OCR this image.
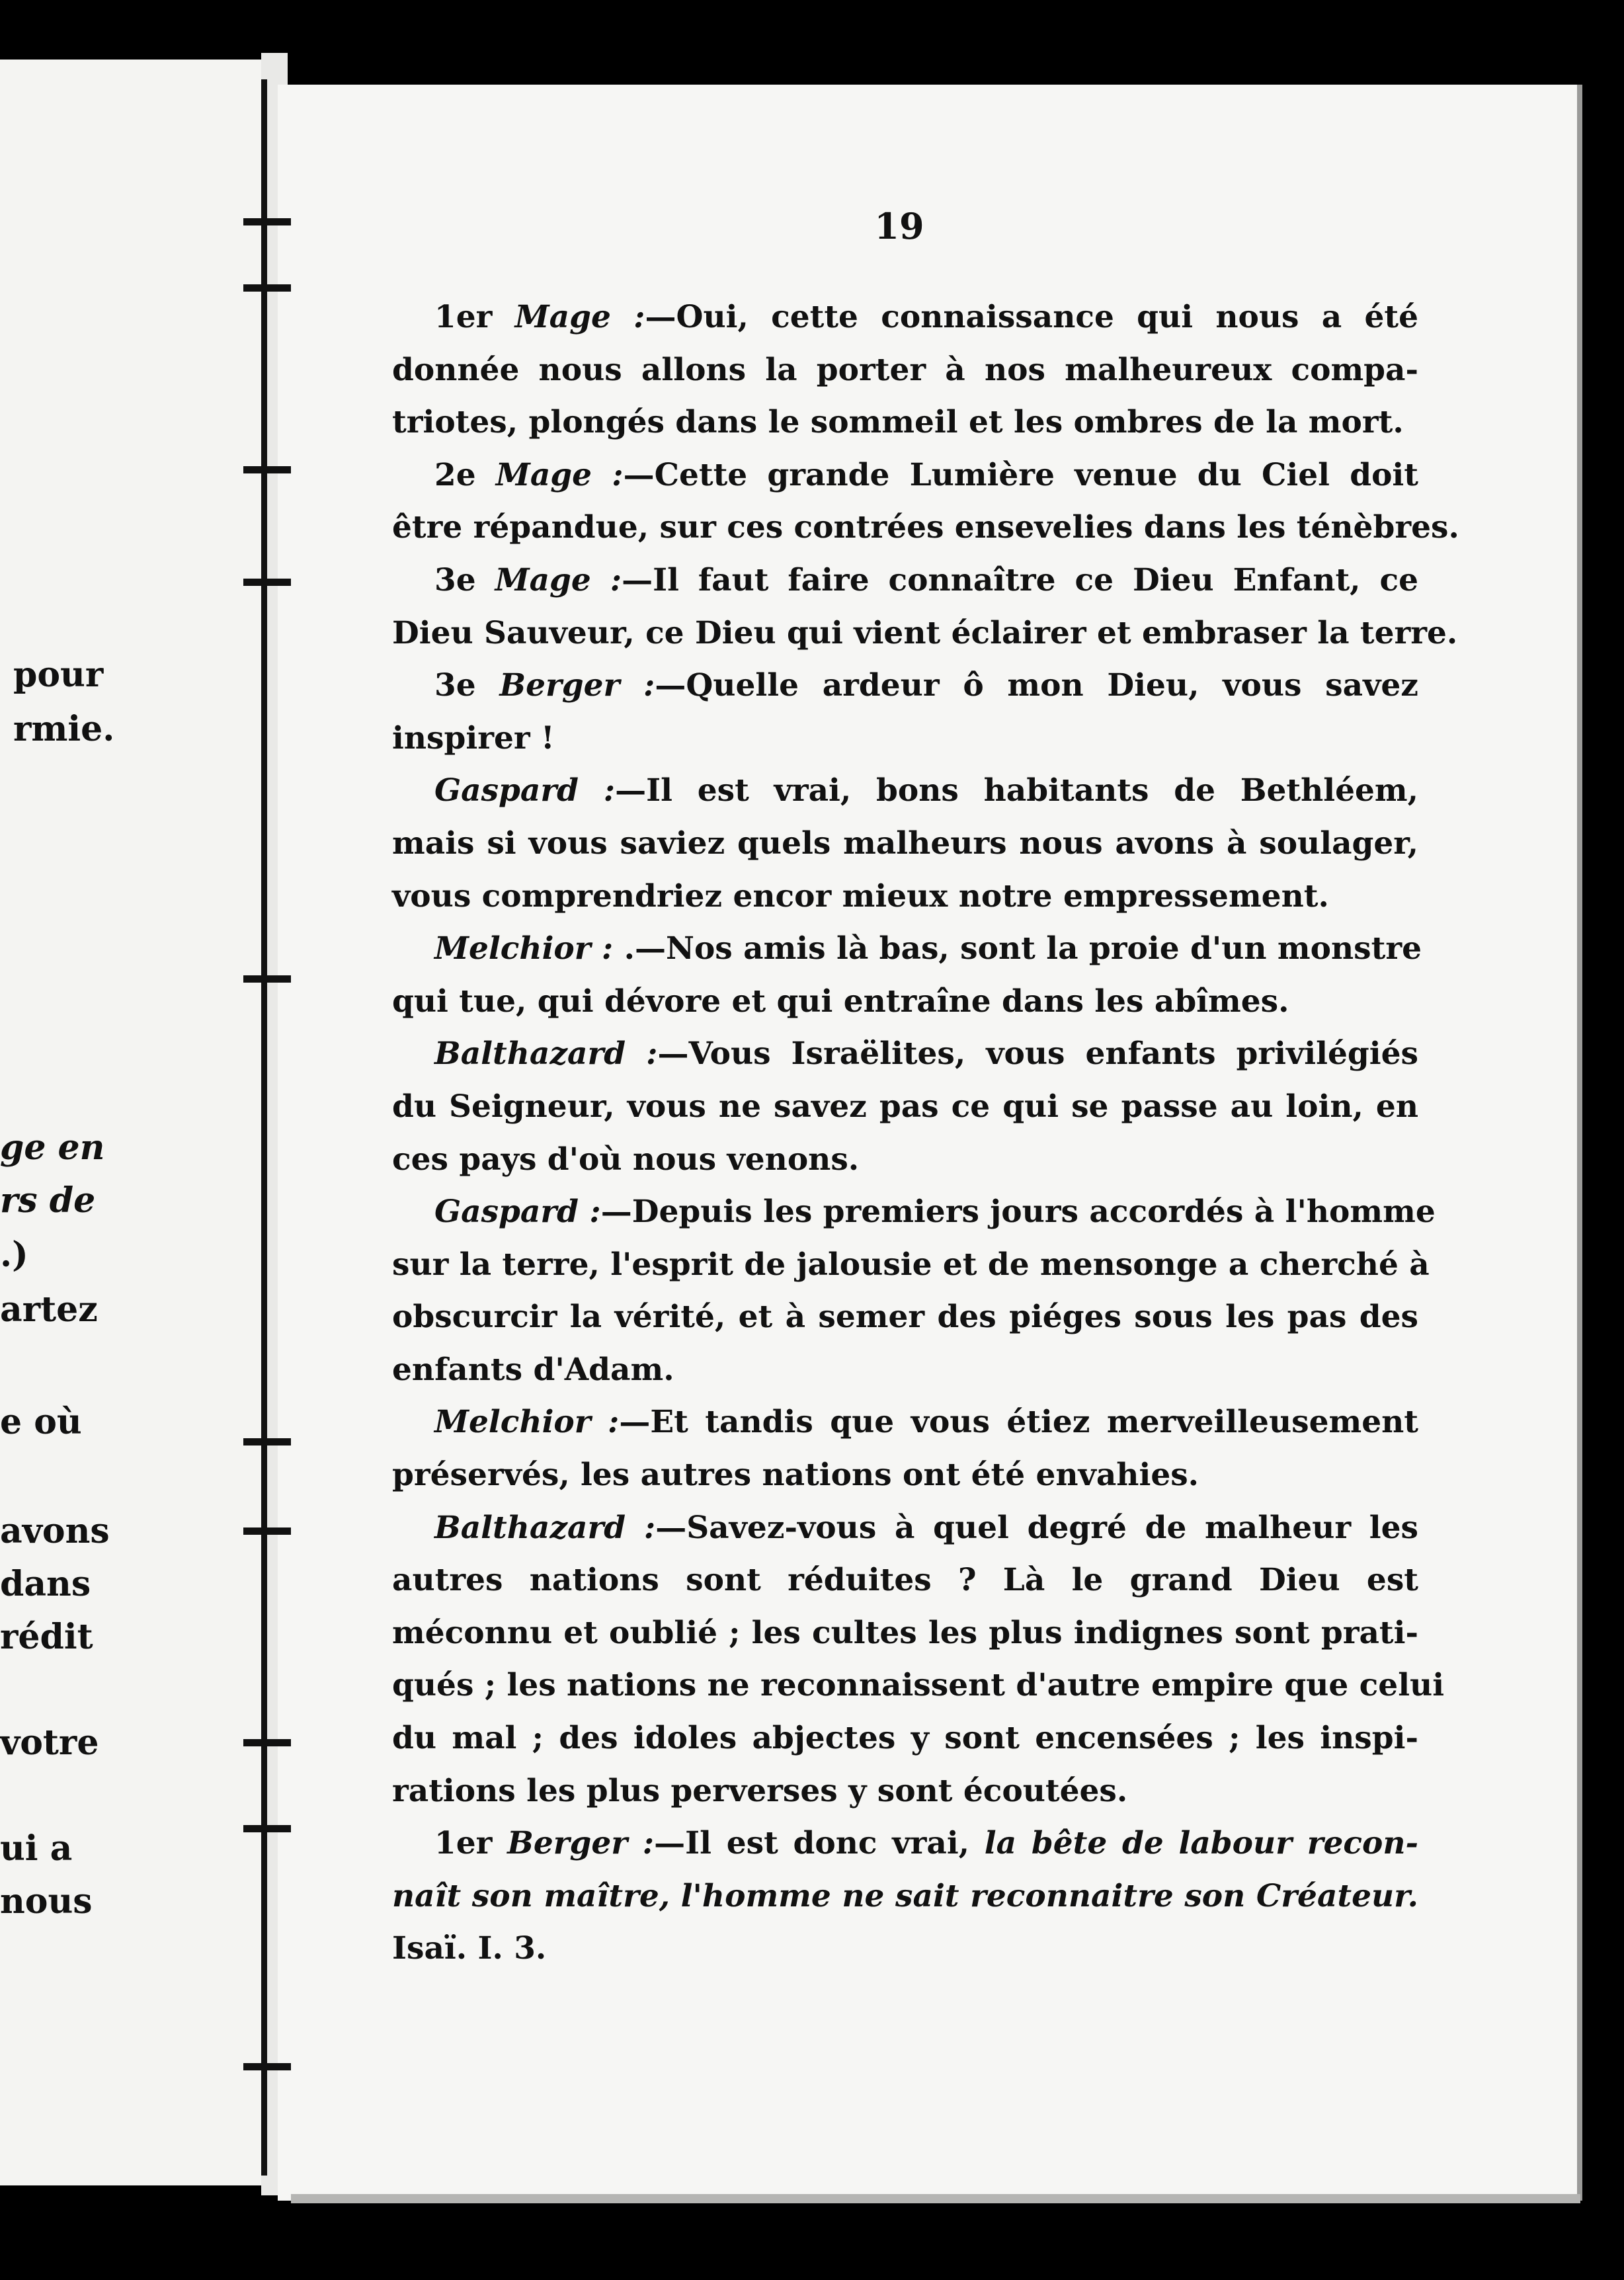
pour
rmie.
ge en
rs de
.)
artez
e où
avons
dans
rédit
votre
ui a
nous
19
1er Mage :—Oui, cette connaissance qui nous a été
donnée nous allons la porter à nos malheureux compa-
triotes, plongés dans le sommeil et les ombres de la mort.
2e Mage :—Cette grande Lumière venue du Ciel doit
être répandue, sur ces contrées ensevelies dans les ténèbres.
3e Mage :—Il faut faire connaître ce Dieu Enfant, ce
Dieu Sauveur, ce Dieu qui vient éclairer et embraser la terre.
3e Berger :—Quelle ardeur ô mon Dieu, vous savez
inspirer !
Gaspard :—Il est vrai, bons habitants de Bethléem,
mais si vous saviez quels malheurs nous avons à soulager,
vous comprendriez encor mieux notre empressement.
Melchior : .—Nos amis là bas, sont la proie d'un monstre
qui tue, qui dévore et qui entraîne dans les abîmes.
Balthazard :—Vous Israëlites, vous enfants privilégiés
du Seigneur, vous ne savez pas ce qui se passe au loin, en
ces pays d'où nous venons.
Gaspard :—Depuis les premiers jours accordés à l'homme
sur la terre, l'esprit de jalousie et de mensonge a cherché à
obscurcir la vérité, et à semer des piéges sous les pas des
enfants d'Adam.
Melchior :—Et tandis que vous étiez merveilleusement
préservés, les autres nations ont été envahies.
Balthazard :—Savez-vous à quel degré de malheur les
autres nations sont réduites ? Là le grand Dieu est
méconnu et oublié ; les cultes les plus indignes sont prati-
qués ; les nations ne reconnaissent d'autre empire que celui
du mal ; des idoles abjectes y sont encensées ; les inspi-
rations les plus perverses y sont écoutées.
1er Berger :—Il est donc vrai, la bête de labour recon-
naît son maître, l'homme ne sait reconnaitre son Créateur.
Isaï. I. 3.
